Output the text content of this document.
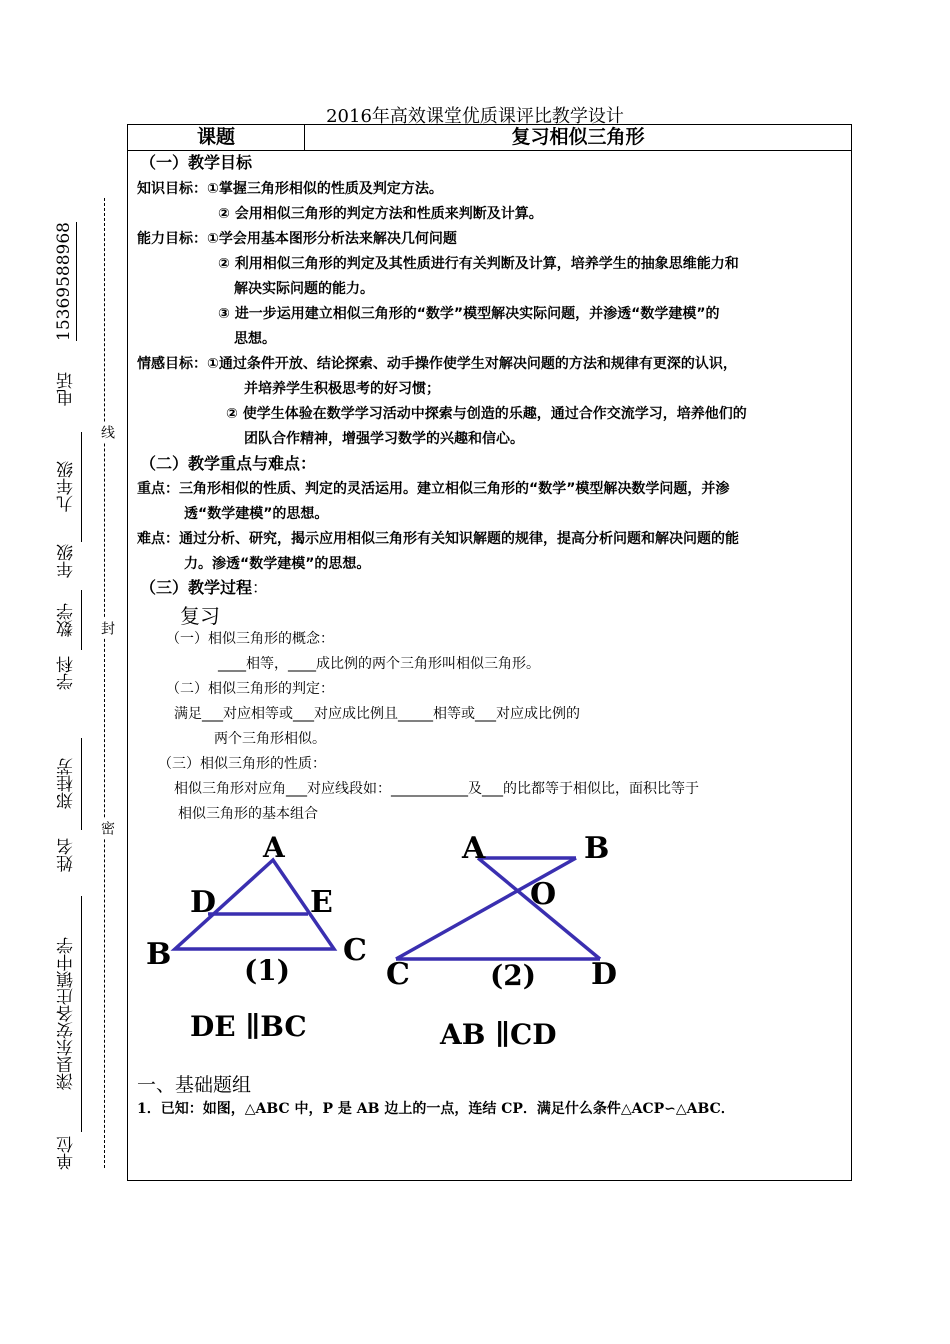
线
封
密
15369588968
电话
九年级
年级
数学
学科
郑桂芳
姓名
滦县东安各庄镇中学
单位
2016年高效课堂优质课评比教学设计
课题	复习相似三角形
（一）教学目标
知识目标：①掌握三角形相似的性质及判定方法。
② 会用相似三角形的判定方法和性质来判断及计算。
能力目标：①学会用基本图形分析法来解决几何问题
② 利用相似三角形的判定及其性质进行有关判断及计算，培养学生的抽象思维能力和
解决实际问题的能力。
③ 进一步运用建立相似三角形的“数学”模型解决实际问题，并渗透“数学建模”的
思想。
情感目标：①通过条件开放、结论探索、动手操作使学生对解决问题的方法和规律有更深的认识，
并培养学生积极思考的好习惯；
② 使学生体验在数学学习活动中探索与创造的乐趣，通过合作交流学习，培养他们的
团队合作精神，增强学习数学的兴趣和信心。
（二）教学重点与难点：
重点：三角形相似的性质、判定的灵活运用。建立相似三角形的“数学”模型解决数学问题，并渗
透“数学建模”的思想。
难点：通过分析、研究，揭示应用相似三角形有关知识解题的规律，提高分析问题和解决问题的能
力。渗透“数学建模”的思想。
（三）教学过程：
复习
（一）相似三角形的概念：
____相等，____成比例的两个三角形叫相似三角形。
（二）相似三角形的判定：
满足___对应相等或___对应成比例且_____相等或___对应成比例的
两个三角形相似。
（三）相似三角形的性质：
相似三角形对应角___对应线段如：___________及___的比都等于相似比，面积比等于
相似三角形的基本组合
A
D	E
B	C
(1)
DE ∥BC
A	B
O
C	D
(2)
AB ∥CD
一、基础题组
1．已知：如图，△ABC 中，P 是 AB 边上的一点，连结 CP．满足什么条件△ACP∽△ABC．
